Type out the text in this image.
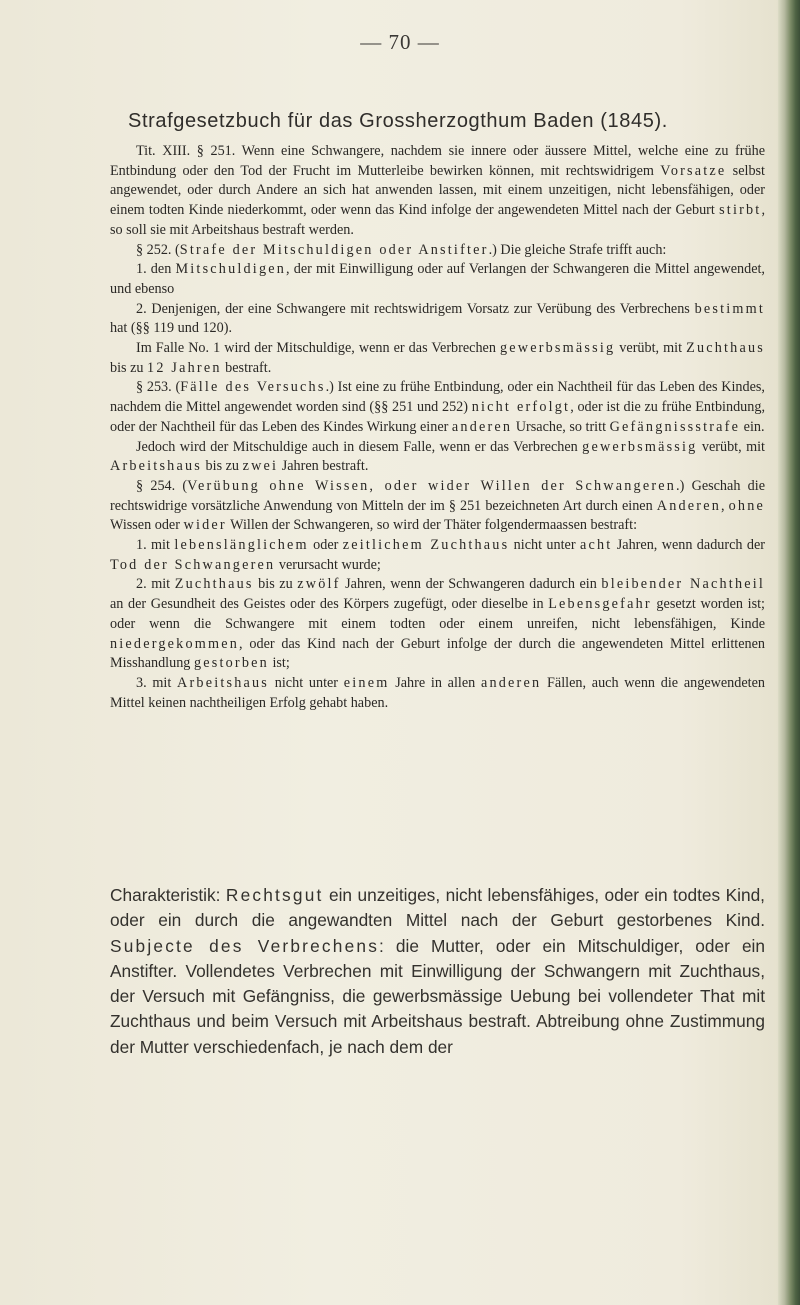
— 70 —
Strafgesetzbuch für das Grossherzogthum Baden (1845).

Tit. XIII. § 251. Wenn eine Schwangere, nachdem sie innere oder äussere Mittel, welche eine zu frühe Entbindung oder den Tod der Frucht im Mutterleibe bewirken können, mit rechtswidrigem Vorsatze selbst angewendet, oder durch Andere an sich hat anwenden lassen, mit einem unzeitigen, nicht lebensfähigen, oder einem todten Kinde niederkommt, oder wenn das Kind infolge der angewendeten Mittel nach der Geburt stirbt, so soll sie mit Arbeitshaus bestraft werden.

§ 252. (Strafe der Mitschuldigen oder Anstifter.) Die gleiche Strafe trifft auch:

1. den Mitschuldigen, der mit Einwilligung oder auf Verlangen der Schwangeren die Mittel angewendet, und ebenso

2. Denjenigen, der eine Schwangere mit rechtswidrigem Vorsatz zur Verübung des Verbrechens bestimmt hat (§§ 119 und 120).

Im Falle No. 1 wird der Mitschuldige, wenn er das Verbrechen gewerbsmässig verübt, mit Zuchthaus bis zu 12 Jahren bestraft.

§ 253. (Fälle des Versuchs.) Ist eine zu frühe Entbindung, oder ein Nachtheil für das Leben des Kindes, nachdem die Mittel angewendet worden sind (§§ 251 und 252) nicht erfolgt, oder ist die zu frühe Entbindung, oder der Nachtheil für das Leben des Kindes Wirkung einer anderen Ursache, so tritt Gefängnissstrafe ein.

Jedoch wird der Mitschuldige auch in diesem Falle, wenn er das Verbrechen gewerbsmässig verübt, mit Arbeitshaus bis zu zwei Jahren bestraft.

§ 254. (Verübung ohne Wissen, oder wider Willen der Schwangeren.) Geschah die rechtswidrige vorsätzliche Anwendung von Mitteln der im § 251 bezeichneten Art durch einen Anderen, ohne Wissen oder wider Willen der Schwangeren, so wird der Thäter folgendermaassen bestraft:

1. mit lebenslänglichem oder zeitlichem Zuchthaus nicht unter acht Jahren, wenn dadurch der Tod der Schwangeren verursacht wurde;

2. mit Zuchthaus bis zu zwölf Jahren, wenn der Schwangeren dadurch ein bleibender Nachtheil an der Gesundheit des Geistes oder des Körpers zugefügt, oder dieselbe in Lebensgefahr gesetzt worden ist; oder wenn die Schwangere mit einem todten oder einem unreifen, nicht lebensfähigen, Kinde niedergekommen, oder das Kind nach der Geburt infolge der durch die angewendeten Mittel erlittenen Misshandlung gestorben ist;

3. mit Arbeitshaus nicht unter einem Jahre in allen anderen Fällen, auch wenn die angewendeten Mittel keinen nachtheiligen Erfolg gehabt haben.

Charakteristik: Rechtsgut ein unzeitiges, nicht lebensfähiges, oder ein todtes Kind, oder ein durch die angewandten Mittel nach der Geburt gestorbenes Kind. Subjecte des Verbrechens: die Mutter, oder ein Mitschuldiger, oder ein Anstifter. Vollendetes Verbrechen mit Einwilligung der Schwangern mit Zuchthaus, der Versuch mit Gefängniss, die gewerbsmässige Uebung bei vollendeter That mit Zuchthaus und beim Versuch mit Arbeitshaus bestraft. Abtreibung ohne Zustimmung der Mutter verschiedenfach, je nach dem der
